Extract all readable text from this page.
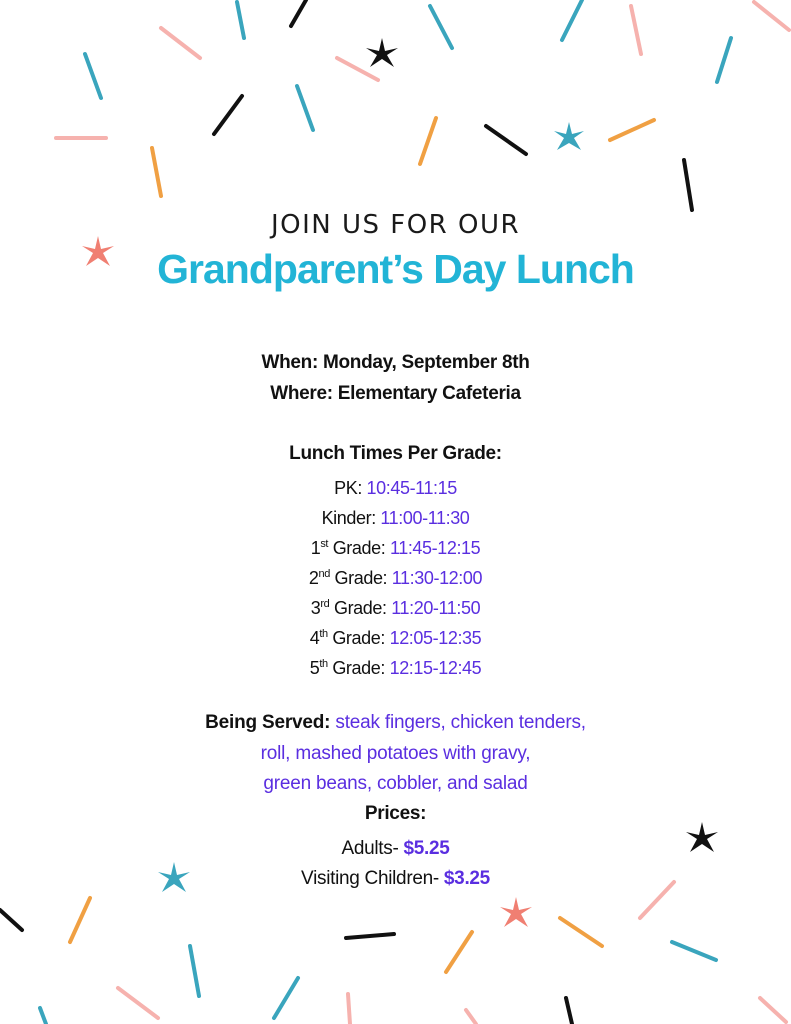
JOIN US FOR OUR
Grandparent’s Day Lunch
When: Monday, September 8th
Where: Elementary Cafeteria
Lunch Times Per Grade:
PK: 10:45-11:15
Kinder: 11:00-11:30
1st Grade: 11:45-12:15
2nd Grade: 11:30-12:00
3rd Grade: 11:20-11:50
4th Grade: 12:05-12:35
5th Grade: 12:15-12:45
Being Served: steak fingers, chicken tenders,
roll, mashed potatoes with gravy,
green beans, cobbler, and salad
Prices:
Adults- $5.25
Visiting Children- $3.25
